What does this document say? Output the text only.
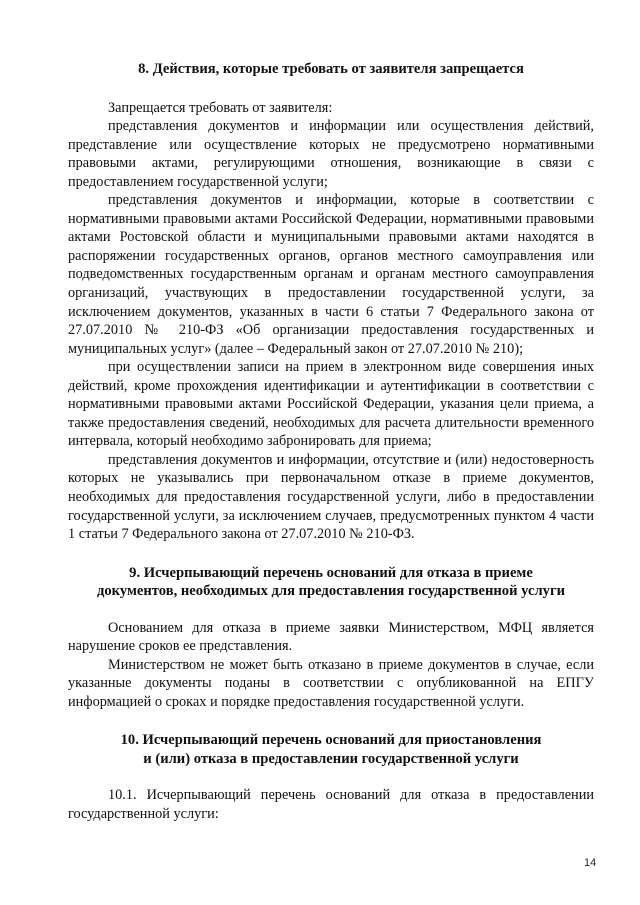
8. Действия, которые требовать от заявителя запрещается

Запрещается требовать от заявителя:

представления документов и информации или осуществления действий, представление или осуществление которых не предусмотрено нормативными правовыми актами, регулирующими отношения, возникающие в связи с предоставлением государственной услуги;

представления документов и информации, которые в соответствии с нормативными правовыми актами Российской Федерации, нормативными правовыми актами Ростовской области и муниципальными правовыми актами находятся в распоряжении государственных органов, органов местного самоуправления или подведомственных государственным органам и органам местного самоуправления организаций, участвующих в предоставлении государственной услуги, за исключением документов, указанных в части 6 статьи 7 Федерального закона от 27.07.2010 № 210-ФЗ «Об организации предоставления государственных и муниципальных услуг» (далее – Федеральный закон от 27.07.2010 № 210);

при осуществлении записи на прием в электронном виде совершения иных действий, кроме прохождения идентификации и аутентификации в соответствии с нормативными правовыми актами Российской Федерации, указания цели приема, а также предоставления сведений, необходимых для расчета длительности временного интервала, который необходимо забронировать для приема;

представления документов и информации, отсутствие и (или) недостоверность которых не указывались при первоначальном отказе в приеме документов, необходимых для предоставления государственной услуги, либо в предоставлении государственной услуги, за исключением случаев, предусмотренных пунктом 4 части 1 статьи 7 Федерального закона от 27.07.2010 № 210-ФЗ.

9. Исчерпывающий перечень оснований для отказа в приеме
документов, необходимых для предоставления государственной услуги

Основанием для отказа в приеме заявки Министерством, МФЦ является нарушение сроков ее представления.

Министерством не может быть отказано в приеме документов в случае, если указанные документы поданы в соответствии с опубликованной на ЕПГУ информацией о сроках и порядке предоставления государственной услуги.

10. Исчерпывающий перечень оснований для приостановления
и (или) отказа в предоставлении государственной услуги

10.1. Исчерпывающий перечень оснований для отказа в предоставлении государственной услуги:

14
